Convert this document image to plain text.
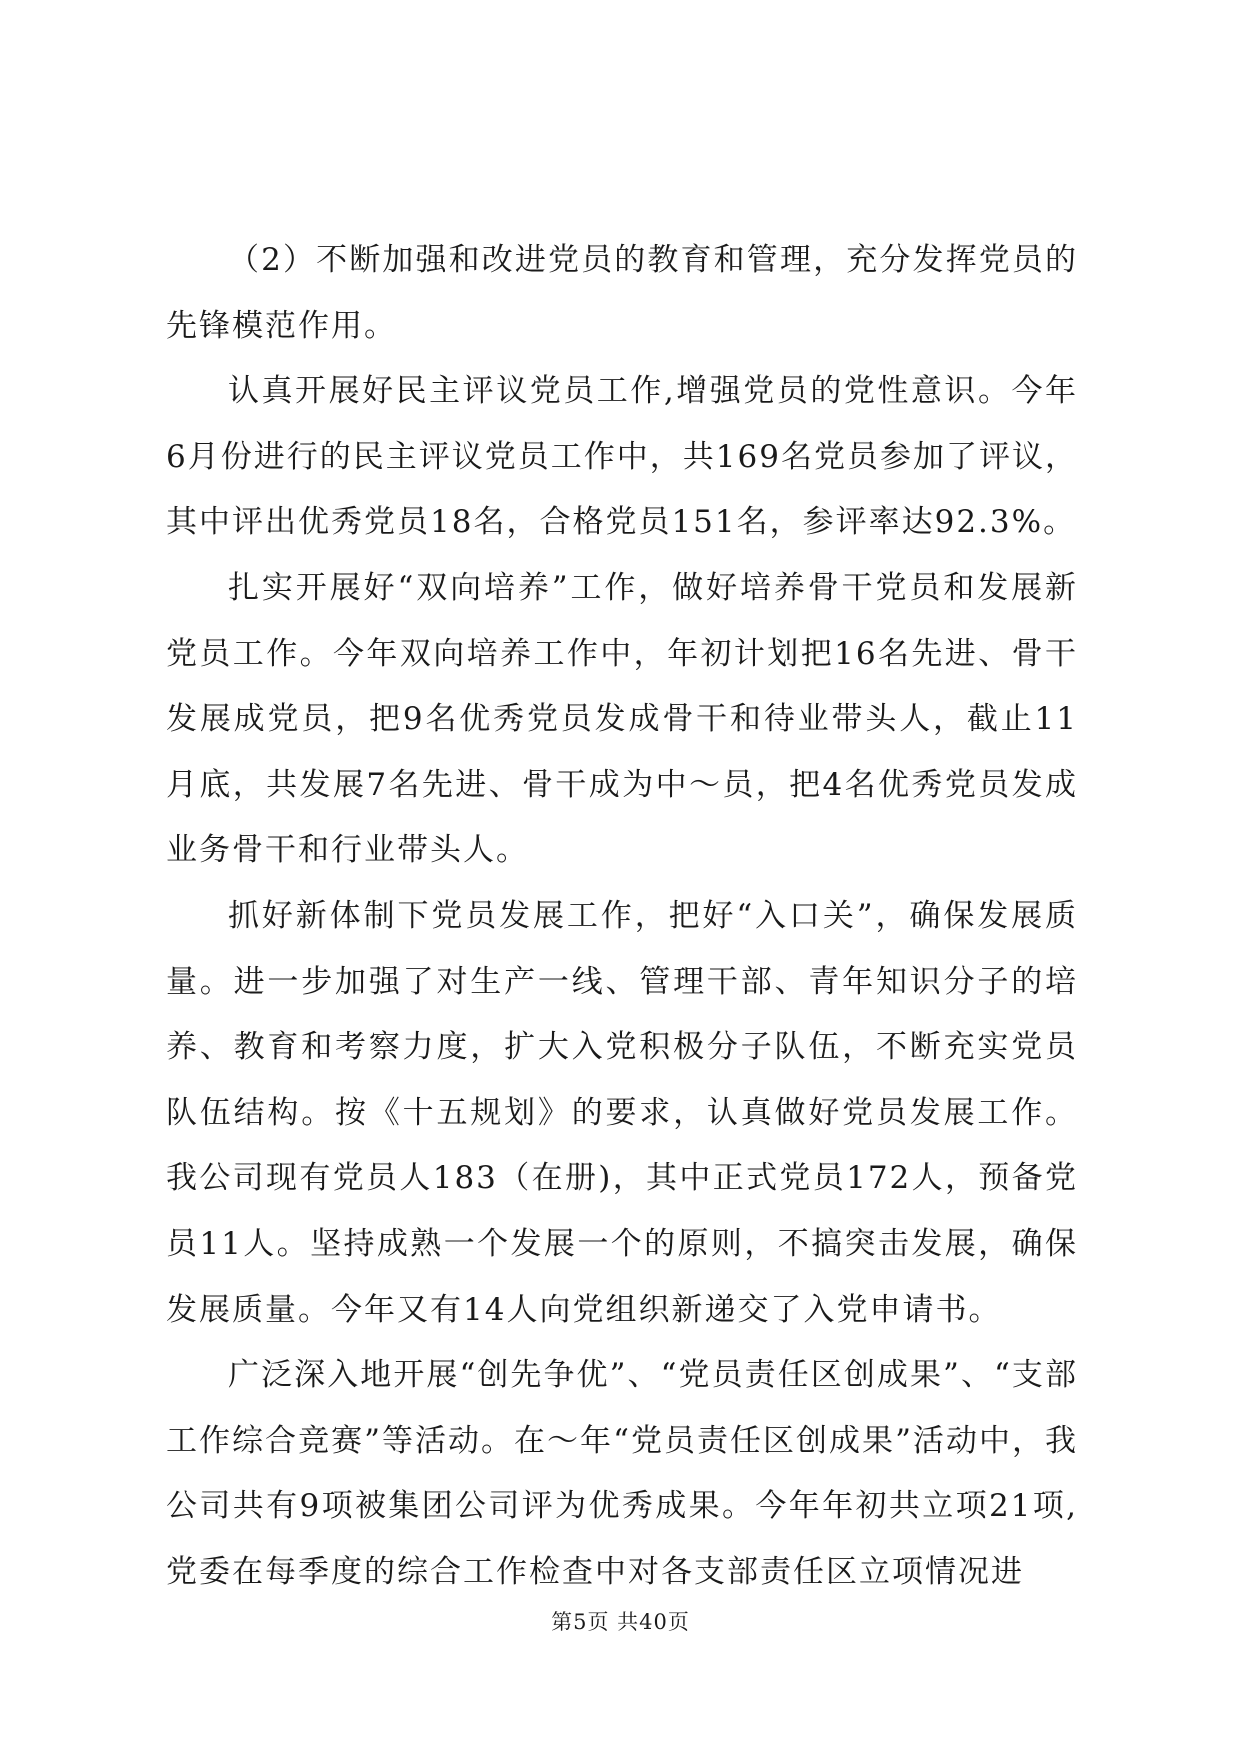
（2）不断加强和改进党员的教育和管理，充分发挥党员的先锋模范作用。

认真开展好民主评议党员工作,增强党员的党性意识。今年6月份进行的民主评议党员工作中，共169名党员参加了评议，其中评出优秀党员18名，合格党员151名，参评率达92.3%。

扎实开展好“双向培养”工作，做好培养骨干党员和发展新党员工作。今年双向培养工作中，年初计划把16名先进、骨干发展成党员，把9名优秀党员发成骨干和待业带头人，截止11月底，共发展7名先进、骨干成为中～员，把4名优秀党员发成业务骨干和行业带头人。

抓好新体制下党员发展工作，把好“入口关”，确保发展质量。进一步加强了对生产一线、管理干部、青年知识分子的培养、教育和考察力度，扩大入党积极分子队伍，不断充实党员队伍结构。按《十五规划》的要求，认真做好党员发展工作。我公司现有党员人183（在册)，其中正式党员172人，预备党员11人。坚持成熟一个发展一个的原则，不搞突击发展，确保发展质量。今年又有14人向党组织新递交了入党申请书。

广泛深入地开展“创先争优”、“党员责任区创成果”、“支部工作综合竞赛”等活动。在～年“党员责任区创成果”活动中，我公司共有9项被集团公司评为优秀成果。今年年初共立项21项,党委在每季度的综合工作检查中对各支部责任区立项情况进

第5页 共40页
